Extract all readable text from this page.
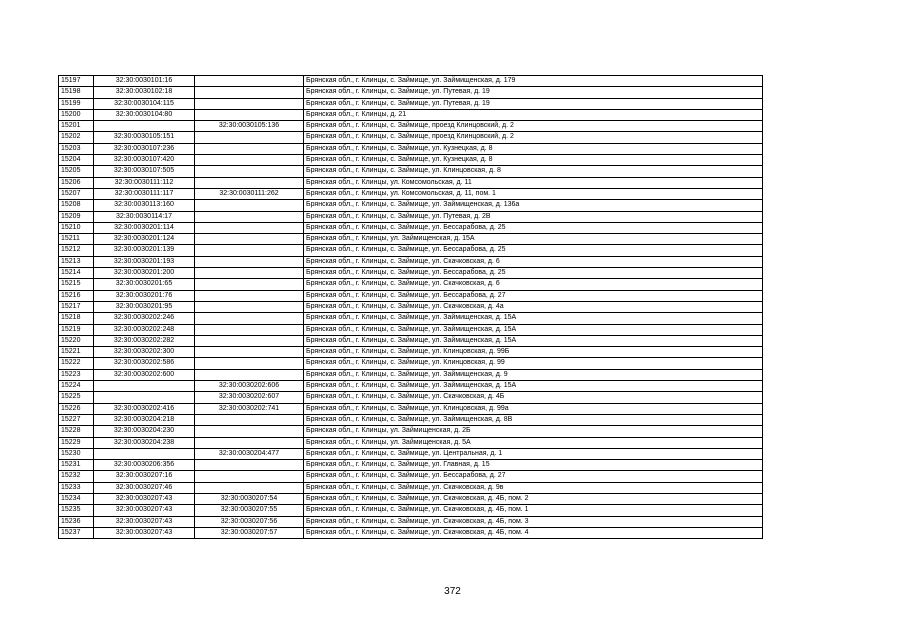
15197	32:30:0030101:16		Брянская обл., г. Клинцы, с. Займище, ул. Займищенская, д. 179
15198	32:30:0030102:18		Брянская обл., г. Клинцы, с. Займище, ул. Путевая, д. 19
15199	32:30:0030104:115		Брянская обл., г. Клинцы, с. Займище, ул. Путевая, д. 19
15200	32:30:0030104:80		Брянская обл., г. Клинцы, д. 21
15201		32:30:0030105:136	Брянская обл., г. Клинцы, с. Займище, проезд Клинцовский, д. 2
15202	32:30:0030105:151		Брянская обл., г. Клинцы, с. Займище, проезд Клинцовский, д. 2
15203	32:30:0030107:236		Брянская обл., г. Клинцы, с. Займище, ул. Кузнецкая, д. 8
15204	32:30:0030107:420		Брянская обл., г. Клинцы, с. Займище, ул. Кузнецкая, д. 8
15205	32:30:0030107:505		Брянская обл., г. Клинцы, с. Займище, ул. Клинцовская, д. 8
15206	32:30:0030111:112		Брянская обл., г. Клинцы, ул. Комсомольская, д. 11
15207	32:30:0030111:117	32:30:0030111:262	Брянская обл., г. Клинцы, ул. Комсомольская, д. 11, пом. 1
15208	32:30:0030113:160		Брянская обл., г. Клинцы, с. Займище, ул. Займищенская, д. 136а
15209	32:30:0030114:17		Брянская обл., г. Клинцы, с. Займище, ул. Путевая, д. 2В
15210	32:30:0030201:114		Брянская обл., г. Клинцы, с. Займище, ул. Бессарабова, д. 25
15211	32:30:0030201:124		Брянская обл., г. Клинцы, ул. Займищенская, д. 15А
15212	32:30:0030201:139		Брянская обл., г. Клинцы, с. Займище, ул. Бессарабова, д. 25
15213	32:30:0030201:193		Брянская обл., г. Клинцы, с. Займище, ул. Скачковская, д. 6
15214	32:30:0030201:200		Брянская обл., г. Клинцы, с. Займище, ул. Бессарабова, д. 25
15215	32:30:0030201:65		Брянская обл., г. Клинцы, с. Займище, ул. Скачковская, д. 6
15216	32:30:0030201:76		Брянская обл., г. Клинцы, с. Займище, ул. Бессарабова, д. 27
15217	32:30:0030201:95		Брянская обл., г. Клинцы, с. Займище, ул. Скачковская, д. 4а
15218	32:30:0030202:246		Брянская обл., г. Клинцы, с. Займище, ул. Займищенская, д. 15А
15219	32:30:0030202:248		Брянская обл., г. Клинцы, с. Займище, ул. Займищенская, д. 15А
15220	32:30:0030202:282		Брянская обл., г. Клинцы, с. Займище, ул. Займищенская, д. 15А
15221	32:30:0030202:300		Брянская обл., г. Клинцы, с. Займище, ул. Клинцовская, д. 99Б
15222	32:30:0030202:586		Брянская обл., г. Клинцы, с. Займище, ул. Клинцовская, д. 99
15223	32:30:0030202:600		Брянская обл., г. Клинцы, с. Займище, ул. Займищенская, д. 9
15224		32:30:0030202:606	Брянская обл., г. Клинцы, с. Займище, ул. Займищенская, д. 15А
15225		32:30:0030202:607	Брянская обл., г. Клинцы, с. Займище, ул. Скачковская, д. 4Б
15226	32:30:0030202:416	32:30:0030202:741	Брянская обл., г. Клинцы, с. Займище, ул. Клинцовская, д. 99а
15227	32:30:0030204:218		Брянская обл., г. Клинцы, с. Займище, ул. Займищенская, д. 8В
15228	32:30:0030204:230		Брянская обл., г. Клинцы, ул. Займищенская, д. 2Б
15229	32:30:0030204:238		Брянская обл., г. Клинцы, ул. Займищенская, д. 5А
15230		32:30:0030204:477	Брянская обл., г. Клинцы, с. Займище, ул. Центральная, д. 1
15231	32:30:0030206:356		Брянская обл., г. Клинцы, с. Займище, ул. Главная, д. 15
15232	32:30:0030207:16		Брянская обл., г. Клинцы, с. Займище, ул. Бессарабова, д. 27
15233	32:30:0030207:46		Брянская обл., г. Клинцы, с. Займище, ул. Скачковская, д. 9в
15234	32:30:0030207:43	32:30:0030207:54	Брянская обл., г. Клинцы, с. Займище, ул. Скачковская, д. 4Б, пом. 2
15235	32:30:0030207:43	32:30:0030207:55	Брянская обл., г. Клинцы, с. Займище, ул. Скачковская, д. 4Б, пом. 1
15236	32:30:0030207:43	32:30:0030207:56	Брянская обл., г. Клинцы, с. Займище, ул. Скачковская, д. 4Б, пом. 3
15237	32:30:0030207:43	32:30:0030207:57	Брянская обл., г. Клинцы, с. Займище, ул. Скачковская, д. 4Б, пом. 4
372
